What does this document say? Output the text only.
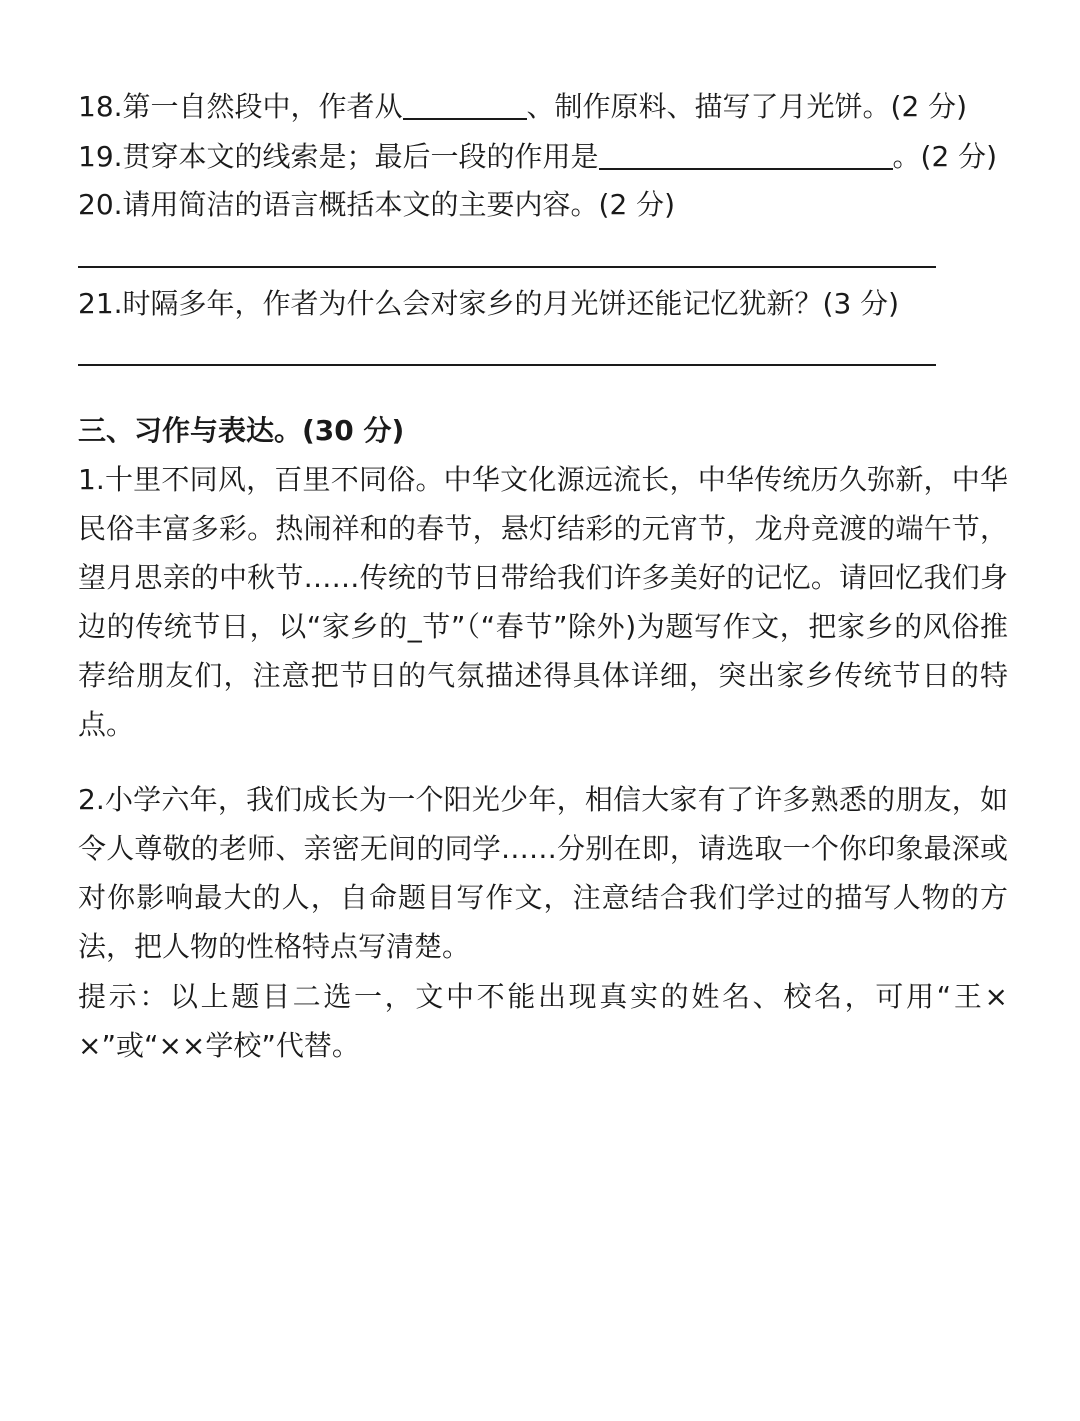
18.第一自然段中，作者从	、制作原料、描写了月光饼。(2 分)
19.贯穿本文的线索是；最后一段的作用是	。(2 分)
20.请用简洁的语言概括本文的主要内容。(2 分)
21.时隔多年，作者为什么会对家乡的月光饼还能记忆犹新？(3 分)
三、习作与表达。(30 分)
1.十里不同风，百里不同俗。中华文化源远流长，中华传统历久弥新，中华民俗丰富多彩。热闹祥和的春节，悬灯结彩的元宵节，龙舟竞渡的端午节，望月思亲的中秋节……传统的节日带给我们许多美好的记忆。请回忆我们身边的传统节日，以“家乡的_节”（“春节”除外)为题写作文，把家乡的风俗推荐给朋友们，注意把节日的气氛描述得具体详细，突出家乡传统节日的特点。
2.小学六年，我们成长为一个阳光少年，相信大家有了许多熟悉的朋友，如令人尊敬的老师、亲密无间的同学……分别在即，请选取一个你印象最深或对你影响最大的人，自命题目写作文，注意结合我们学过的描写人物的方法，把人物的性格特点写清楚。
提示：以上题目二选一，文中不能出现真实的姓名、校名，可用“王××”或“××学校”代替。
